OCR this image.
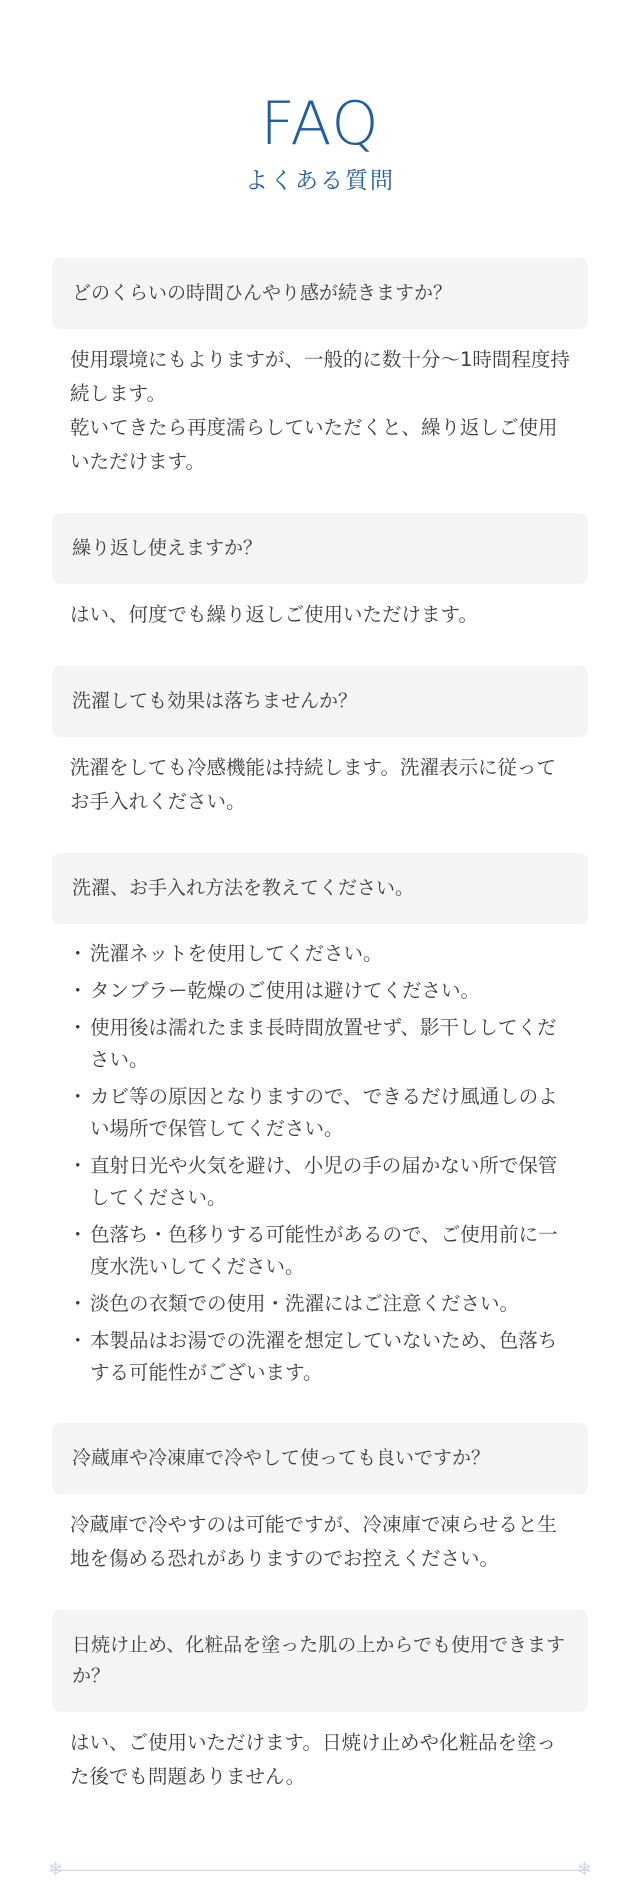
FAQ
よくある質問
どのくらいの時間ひんやり感が続きますか？

使用環境にもよりますが、一般的に数十分〜1時間程度持続します。

乾いてきたら再度濡らしていただくと、繰り返しご使用いただけます。

繰り返し使えますか？

はい、何度でも繰り返しご使用いただけます。

洗濯しても効果は落ちませんか？

洗濯をしても冷感機能は持続します。洗濯表示に従ってお手入れください。

洗濯、お手入れ方法を教えてください。
・ 洗濯ネットを使用してください。
・ タンブラー乾燥のご使用は避けてください。
・ 使用後は濡れたまま長時間放置せず、影干ししてください。
・ カビ等の原因となりますので、できるだけ風通しのよい場所で保管してください。
・ 直射日光や火気を避け、小児の手の届かない所で保管してください。
・ 色落ち・色移りする可能性があるので、ご使用前に一度水洗いしてください。
・ 淡色の衣類での使用・洗濯にはご注意ください。
・ 本製品はお湯での洗濯を想定していないため、色落ちする可能性がございます。
冷蔵庫や冷凍庫で冷やして使っても良いですか？

冷蔵庫で冷やすのは可能ですが、冷凍庫で凍らせると生地を傷める恐れがありますのでお控えください。

日焼け止め、化粧品を塗った肌の上からでも使用できますか？

はい、ご使用いただけます。日焼け止めや化粧品を塗った後でも問題ありません。

❄	❄
